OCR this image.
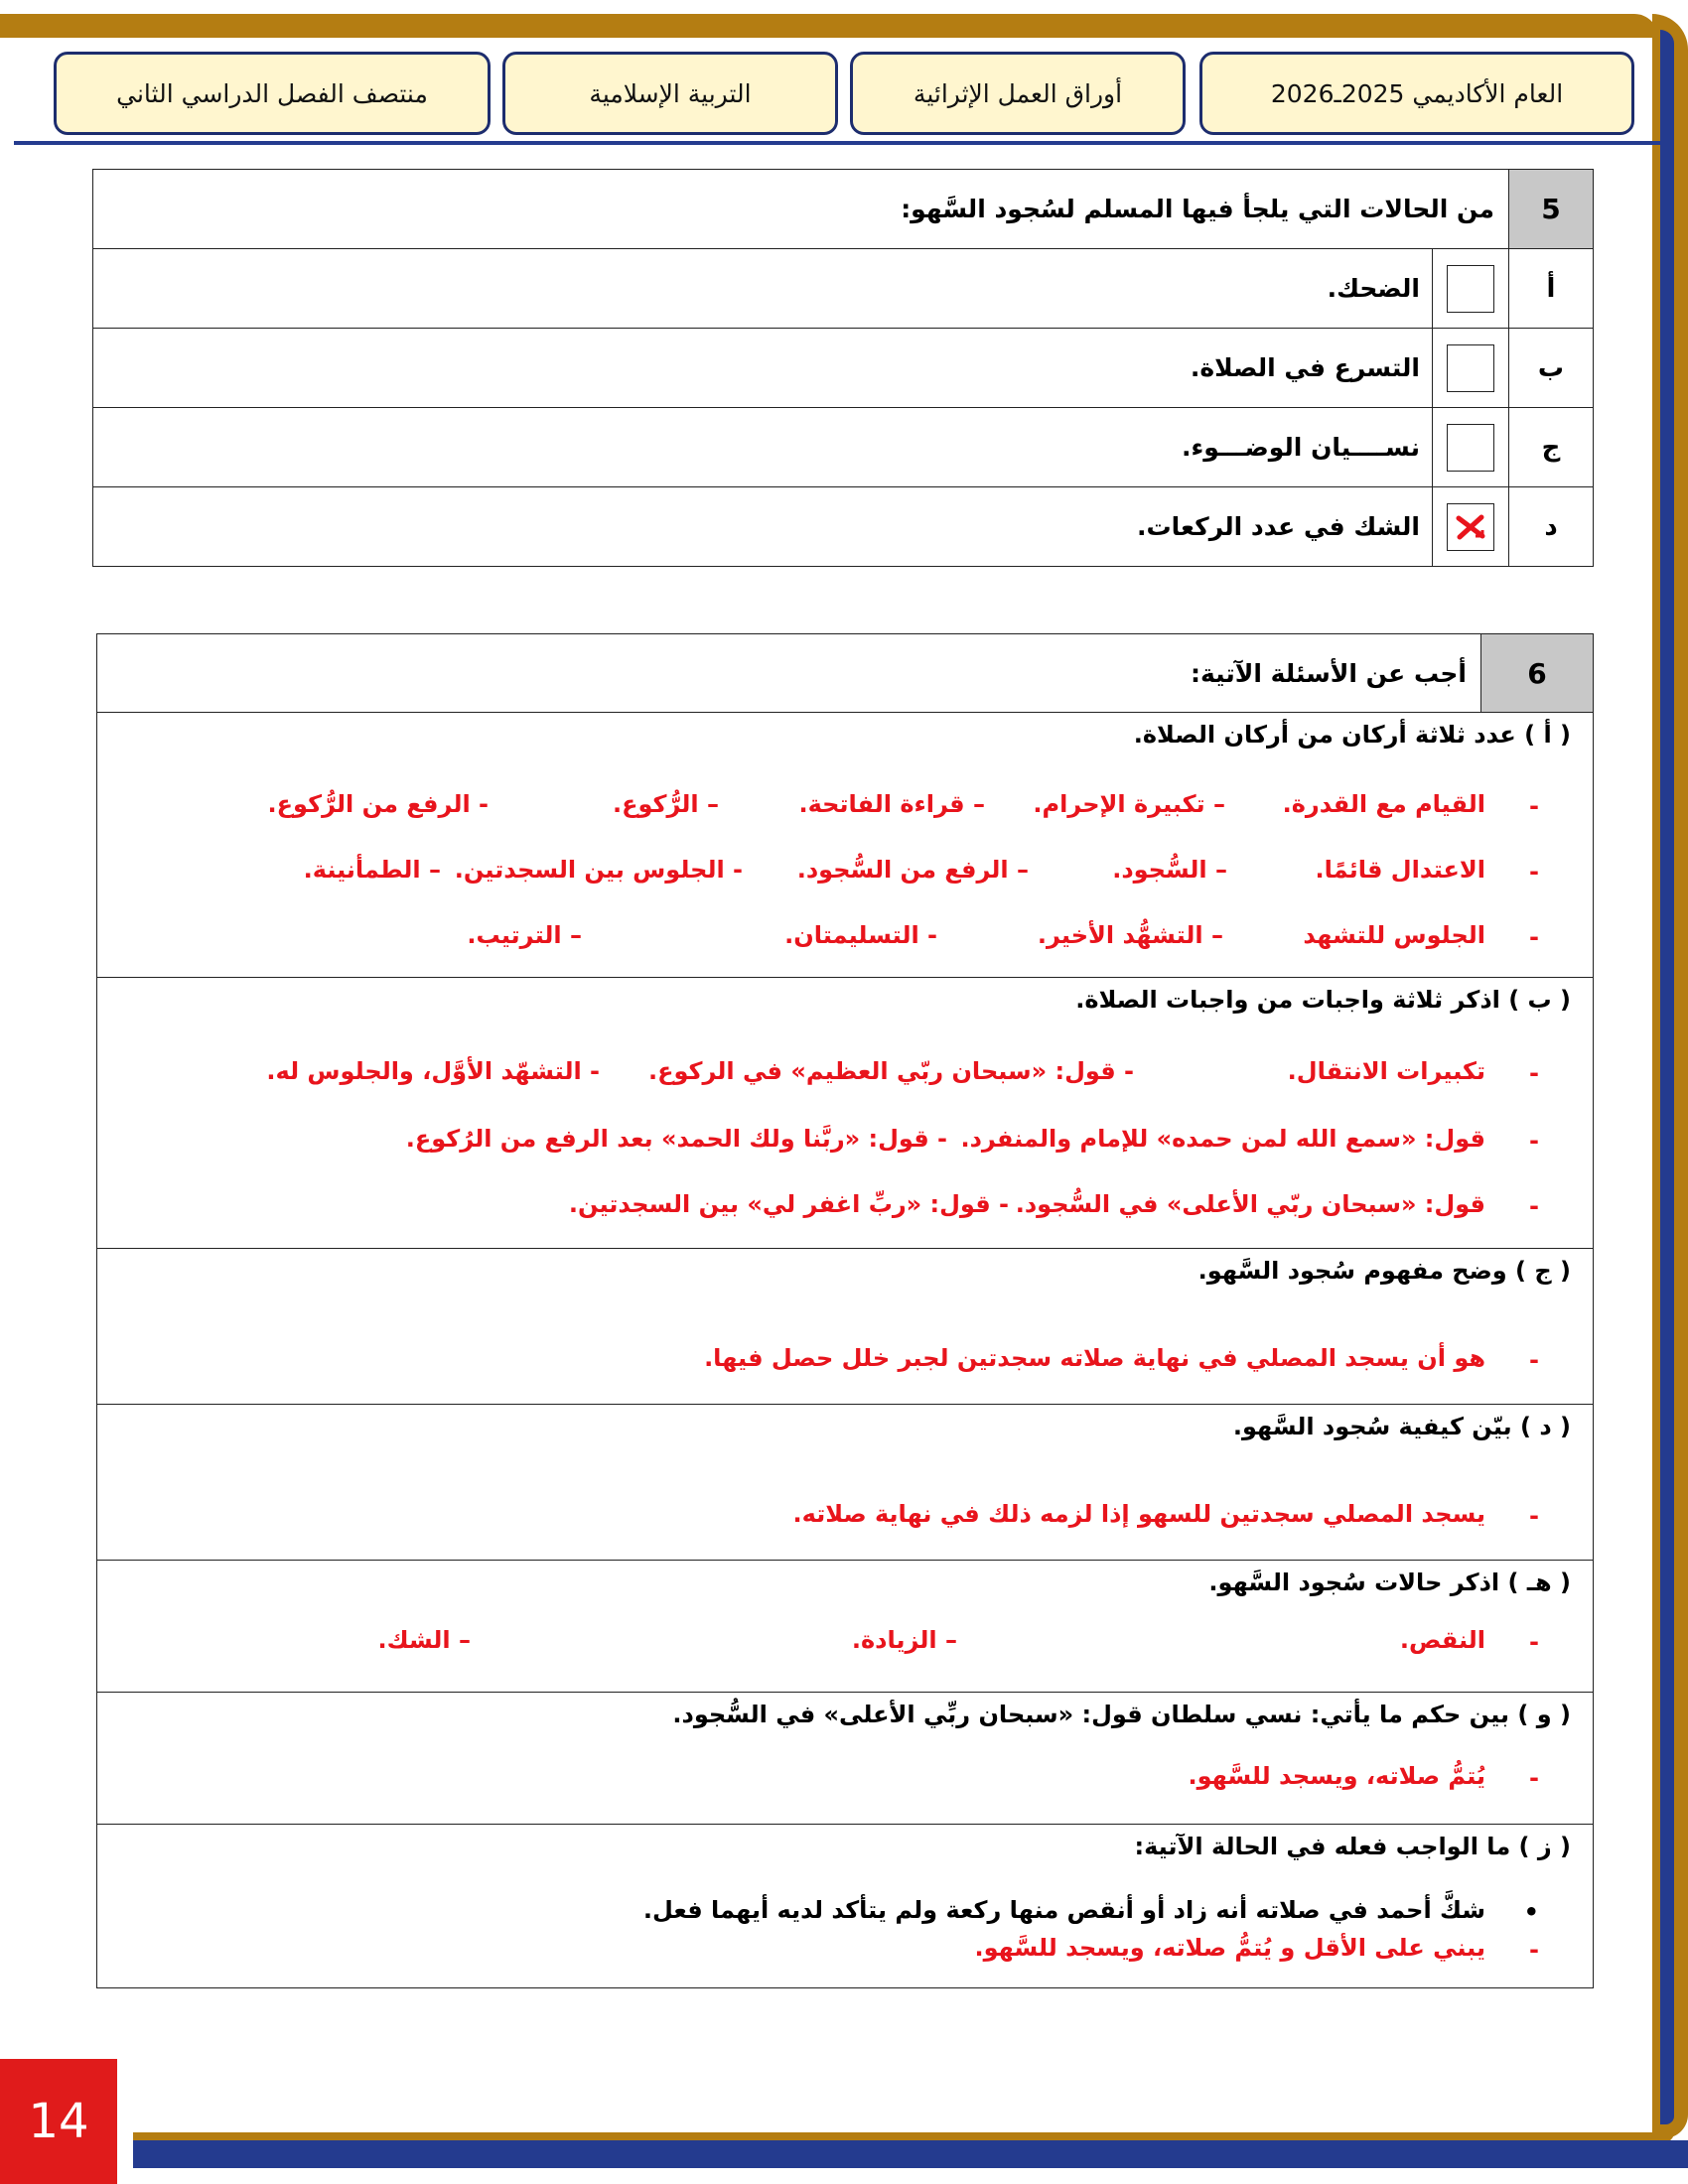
العام الأكاديمي 2025ـ2026
أوراق العمل الإثرائية
التربية الإسلامية
منتصف الفصل الدراسي الثاني
5	من الحالات التي يلجأ فيها المسلم لسُجود السَّهو:	
أ		الضحك.
ب		التسرع في الصلاة.
ج		نســــيان الوضـــوء.
د		الشك في عدد الركعات.
6	أجب عن الأسئلة الآتية:

( أ ) عدد ثلاثة أركان من أركان الصلاة.
-
القيام مع القدرة.
– تكبيرة الإحرام.
– قراءة الفاتحة.
– الرُّكوع.
- الرفع من الرُّكوع.
-
الاعتدال قائمًا.
– السُّجود.
– الرفع من السُّجود.
- الجلوس بين السجدتين.
– الطمأنينة.
-
الجلوس للتشهد
– التشهُّد الأخير.
- التسليمتان.
– الترتيب.

( ب ) اذكر ثلاثة واجبات من واجبات الصلاة.
-
تكبيرات الانتقال.
- قول: «سبحان ربّي العظيم» في الركوع.
- التشهّد الأوَّل، والجلوس له.
-
قول: «سمع الله لمن حمده» للإمام والمنفرد.
- قول: «ربَّنا ولك الحمد» بعد الرفع من الرُكوع.
-
قول: «سبحان ربّي الأعلى» في السُّجود.
- قول: «ربِّ اغفر لي» بين السجدتين.

( ج ) وضح مفهوم سُجود السَّهو.
-
هو أن يسجد المصلي في نهاية صلاته سجدتين لجبر خلل حصل فيها.

( د ) بيّن كيفية سُجود السَّهو.
-
يسجد المصلي سجدتين للسهو إذا لزمه ذلك في نهاية صلاته.

( هـ ) اذكر حالات سُجود السَّهو.
-
النقص.
– الزيادة.
– الشك.

( و ) بين حكم ما يأتي: نسي سلطان قول: «سبحان ربِّي الأعلى» في السُّجود.
-
يُتمُّ صلاته، ويسجد للسَّهو.

( ز ) ما الواجب فعله في الحالة الآتية:
•
شكَّ أحمد في صلاته أنه زاد أو أنقص منها ركعة ولم يتأكد لديه أيهما فعل.
-
يبني على الأقل و يُتمُّ صلاته، ويسجد للسَّهو.
14
